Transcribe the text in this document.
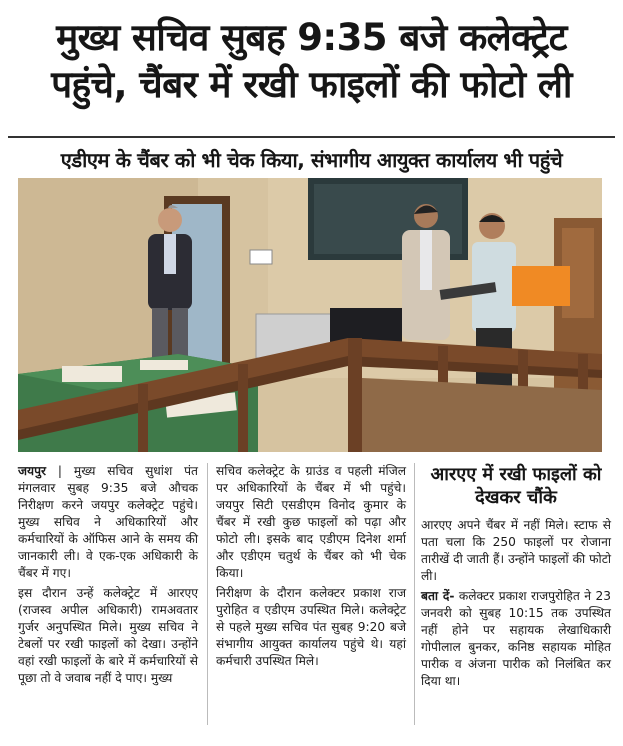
मुख्य सचिव सुबह 9:35 बजे कलेक्ट्रेट
पहुंचे, चैंबर में रखी फाइलों की फोटो ली
एडीएम के चैंबर को भी चेक किया, संभागीय आयुक्त कार्यालय भी पहुंचे

जयपुर | मुख्य सचिव सुधांश पंत मंगलवार सुबह 9:35 बजे औचक निरीक्षण करने जयपुर कलेक्ट्रेट पहुंचे। मुख्य सचिव ने अधिकारियों और कर्मचारियों के ऑफिस आने के समय की जानकारी ली। वे एक-एक अधिकारी के चैंबर में गए।

इस दौरान उन्हें कलेक्ट्रेट में आरएए (राजस्व अपील अधिकारी) रामअवतार गुर्जर अनुपस्थित मिले। मुख्य सचिव ने टेबलों पर रखी फाइलों को देखा। उन्होंने वहां रखी फाइलों के बारे में कर्मचारियों से पूछा तो वे जवाब नहीं दे पाए। मुख्य

सचिव कलेक्ट्रेट के ग्राउंड व पहली मंजिल पर अधिकारियों के चैंबर में भी पहुंचे। जयपुर सिटी एसडीएम विनोद कुमार के चैंबर में रखी कुछ फाइलों को पढ़ा और फोटो ली। इसके बाद एडीएम दिनेश शर्मा और एडीएम चतुर्थ के चैंबर को भी चेक किया।

निरीक्षण के दौरान कलेक्टर प्रकाश राज पुरोहित व एडीएम उपस्थित मिले। कलेक्ट्रेट से पहले मुख्य सचिव पंत सुबह 9:20 बजे संभागीय आयुक्त कार्यालय पहुंचे थे। यहां कर्मचारी उपस्थित मिले।

आरएए में रखी फाइलों को देखकर चौंके

आरएए अपने चैंबर में नहीं मिले। स्टाफ से पता चला कि 250 फाइलों पर रोजाना तारीखें दी जाती हैं। उन्होंने फाइलों की फोटो ली।

बता दें- कलेक्टर प्रकाश राजपुरोहित ने 23 जनवरी को सुबह 10:15 तक उपस्थित नहीं होने पर सहायक लेखाधिकारी गोपीलाल बुनकर, कनिष्ठ सहायक मोहित पारीक व अंजना पारीक को निलंबित कर दिया था।
